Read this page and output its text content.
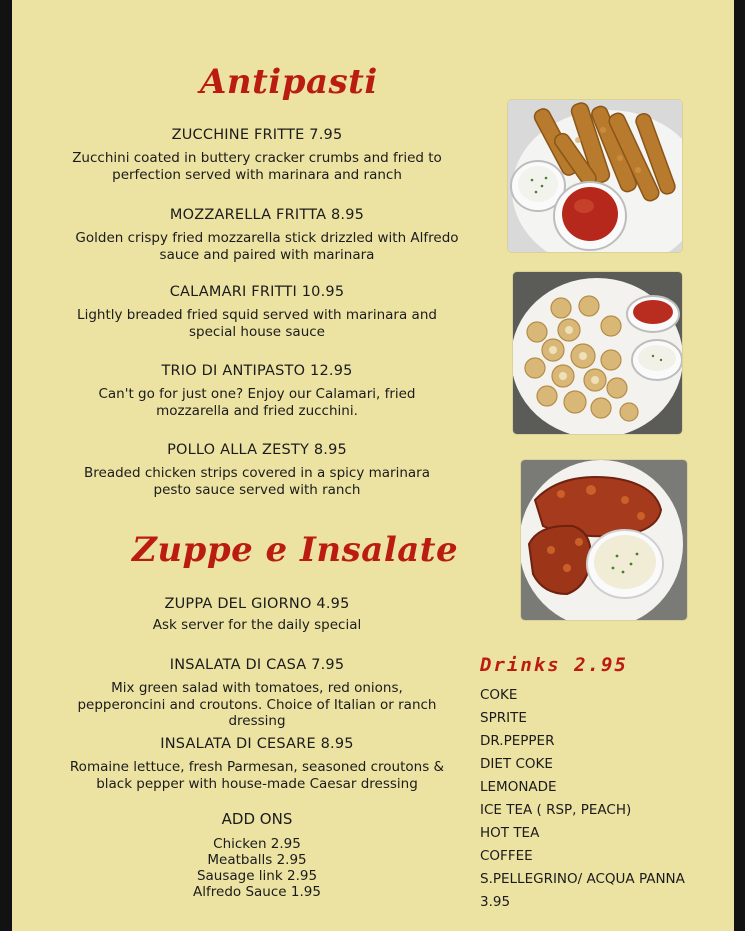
Antipasti
ZUCCHINE FRITTE 7.95
Zucchini coated in buttery cracker crumbs and fried to perfection served with marinara and ranch
MOZZARELLA FRITTA 8.95
Golden crispy fried mozzarella stick drizzled with Alfredo sauce and paired with marinara
CALAMARI FRITTI 10.95
Lightly breaded fried squid served with marinara and special house sauce
TRIO DI ANTIPASTO 12.95
Can't go for just one? Enjoy our Calamari, fried mozzarella and fried zucchini.
POLLO ALLA ZESTY 8.95
Breaded chicken strips covered in a spicy marinara pesto sauce served with ranch
Zuppe e Insalate
ZUPPA DEL GIORNO 4.95
Ask server for the daily special
INSALATA DI CASA 7.95
Mix green salad with tomatoes, red onions, pepperoncini and croutons. Choice of Italian or ranch dressing
INSALATA DI CESARE 8.95
Romaine lettuce, fresh Parmesan, seasoned croutons & black pepper with house-made Caesar dressing
ADD ONS
Chicken 2.95
Meatballs 2.95
Sausage link 2.95
Alfredo Sauce 1.95
Drinks 2.95
COKE
SPRITE
DR.PEPPER
DIET COKE
LEMONADE
ICE TEA ( RSP, PEACH)
HOT TEA
COFFEE
S.PELLEGRINO/ ACQUA PANNA
3.95
